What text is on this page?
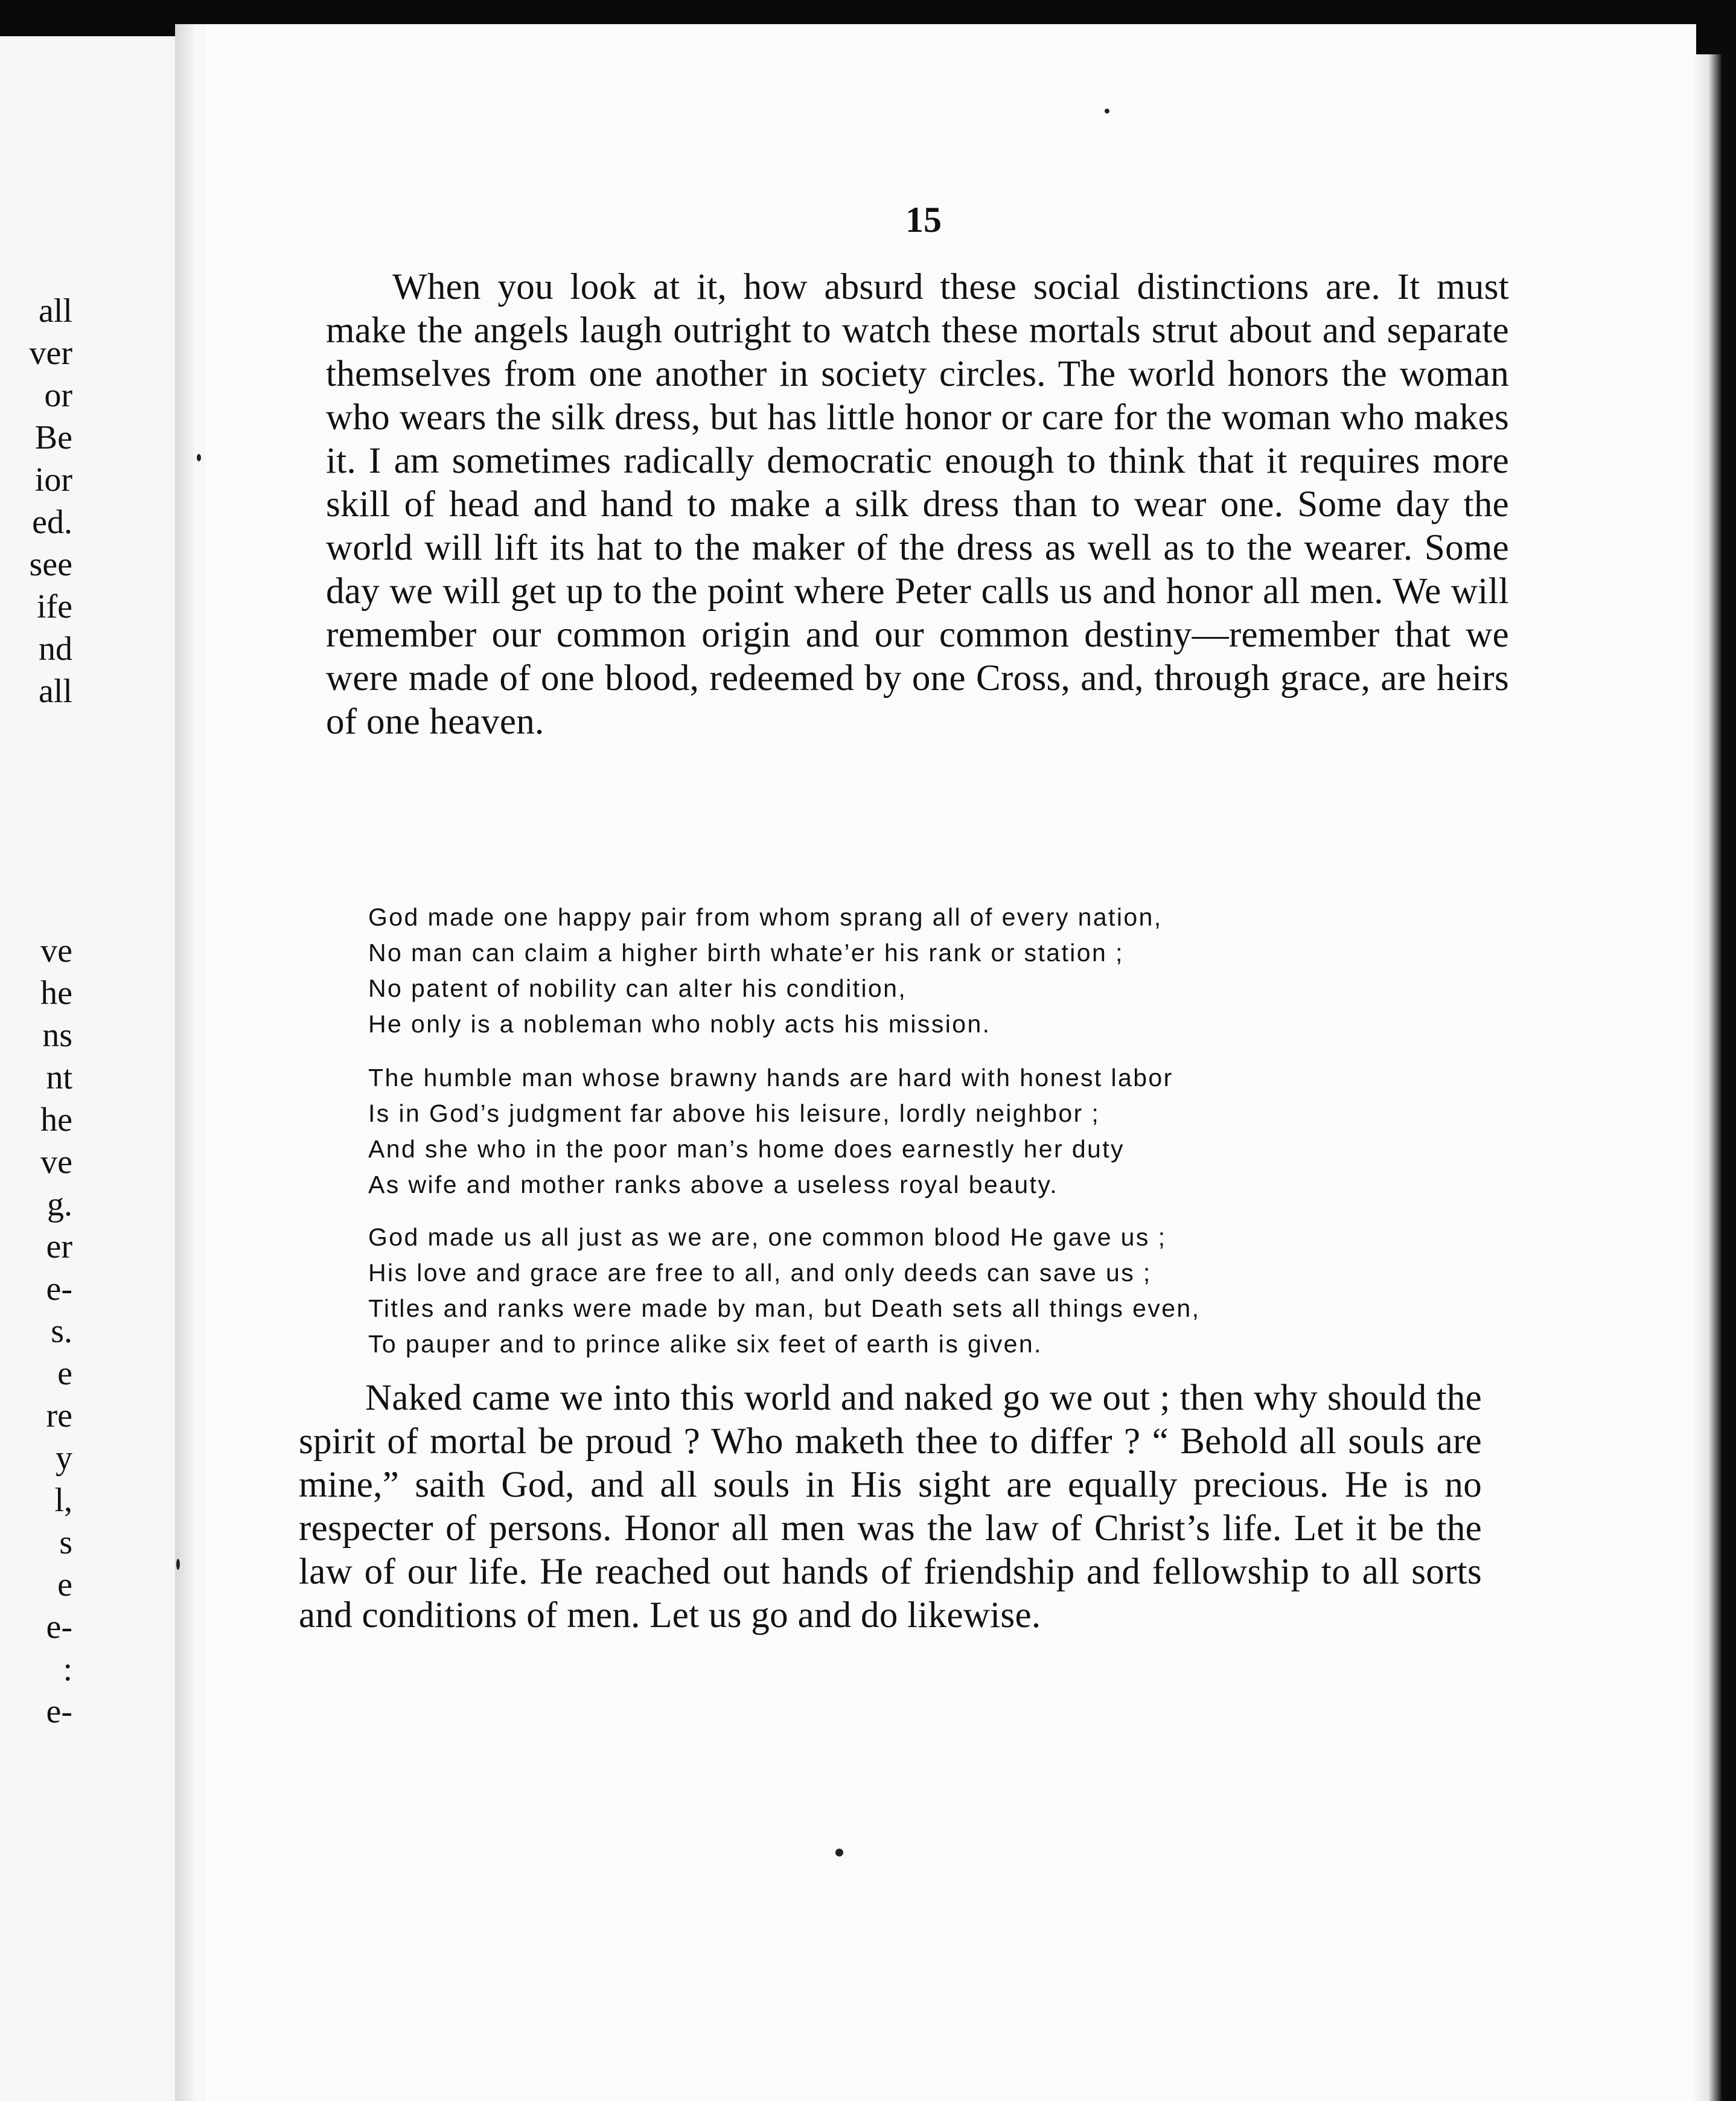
all
ver
or
Be
ior
ed.
see
ife
nd
all
ve
he
ns
nt
he
ve
g.
er
e-
s.
e
re
y
l,
s
e
e-
:
e-
15

When you look at it, how absurd these social distinctions are. It must make the angels laugh outright to watch these mortals strut about and separate themselves from one another in society circles. The world honors the woman who wears the silk dress, but has little honor or care for the woman who makes it. I am sometimes radically democratic enough to think that it requires more skill of head and hand to make a silk dress than to wear one. Some day the world will lift its hat to the maker of the dress as well as to the wearer. Some day we will get up to the point where Peter calls us and honor all men. We will remember our common origin and our common destiny—remember that we were made of one blood, redeemed by one Cross, and, through grace, are heirs of one heaven.

God made one happy pair from whom sprang all of every nation,
No man can claim a higher birth whate’er his rank or station ;
No patent of nobility can alter his condition,
He only is a nobleman who nobly acts his mission.
The humble man whose brawny hands are hard with honest labor
Is in God’s judgment far above his leisure, lordly neighbor ;
And she who in the poor man’s home does earnestly her duty
As wife and mother ranks above a useless royal beauty.
God made us all just as we are, one common blood He gave us ;
His love and grace are free to all, and only deeds can save us ;
Titles and ranks were made by man, but Death sets all things even,
To pauper and to prince alike six feet of earth is given.

Naked came we into this world and naked go we out ; then why should the spirit of mortal be proud ? Who maketh thee to differ ? “ Behold all souls are mine,” saith God, and all souls in His sight are equally precious. He is no respecter of persons. Honor all men was the law of Christ’s life. Let it be the law of our life. He reached out hands of friendship and fellowship to all sorts and conditions of men. Let us go and do likewise.
